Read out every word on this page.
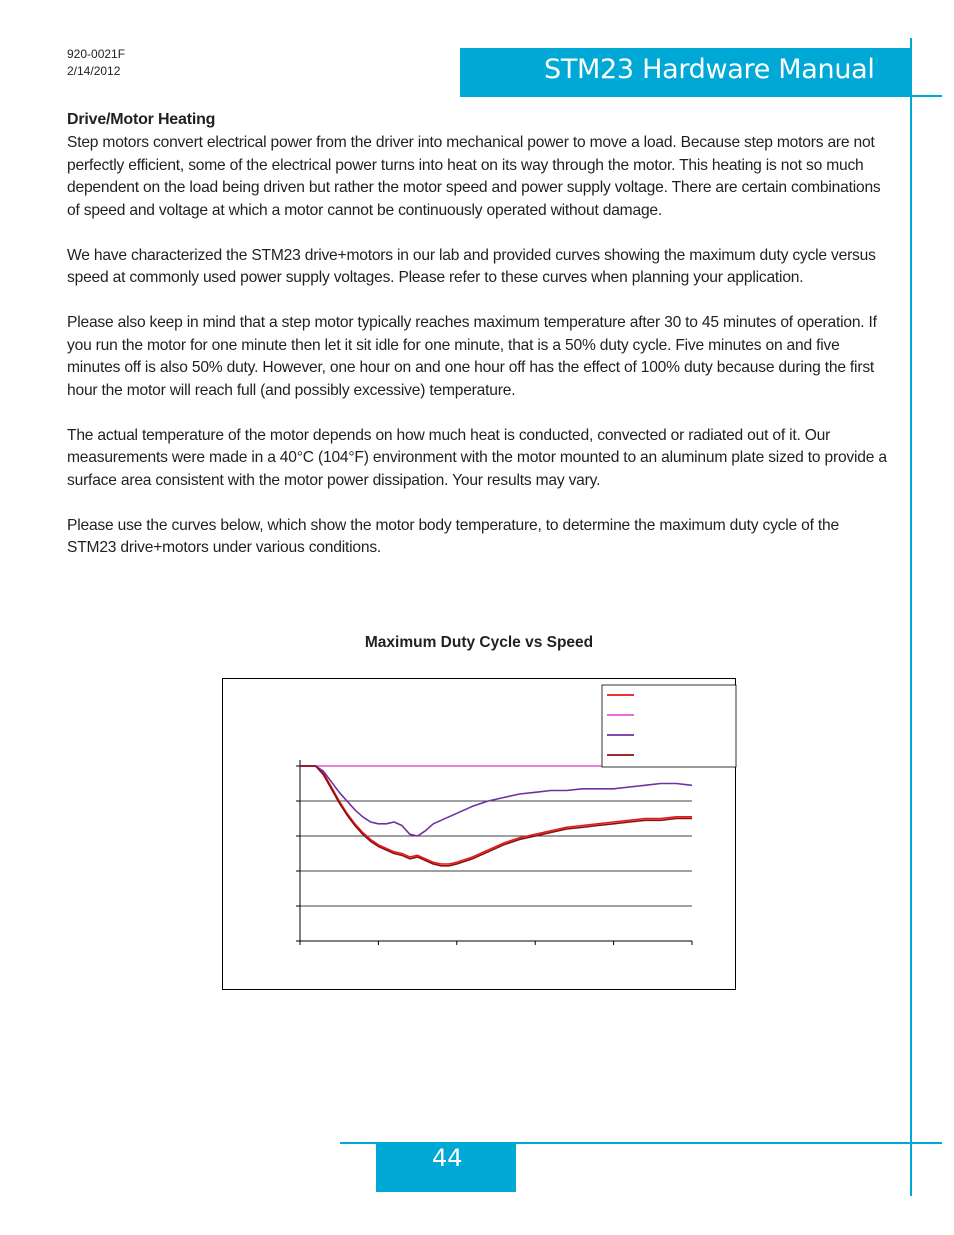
920-0021F
2/14/2012	STM23 Hardware Manual
Drive/Motor Heating

Step motors convert electrical power from the driver into mechanical power to move a load. Because step motors are not perfectly efficient, some of the electrical power turns into heat on its way through the motor. This heating is not so much dependent on the load being driven but rather the motor speed and power supply voltage. There are certain combinations of speed and voltage at which a motor cannot be continuously operated without damage.

We have characterized the STM23 drive+motors in our lab and provided curves showing the maximum duty cycle versus speed at commonly used power supply voltages. Please refer to these curves when planning your application.

Please also keep in mind that a step motor typically reaches maximum temperature after 30 to 45 minutes of operation. If you run the motor for one minute then let it sit idle for one minute, that is a 50% duty cycle. Five minutes on and five minutes off is also 50% duty. However, one hour on and one hour off has the effect of 100% duty because during the first hour the motor will reach full (and possibly excessive) temperature.

The actual temperature of the motor depends on how much heat is conducted, convected or radiated out of it. Our measurements were made in a 40°C (104°F) environment with the motor mounted to an aluminum plate sized to provide a surface area consistent with the motor power dissipation. Your results may vary.

Please use the curves below, which show the motor body temperature, to determine the maximum duty cycle of the STM23 drive+motors under various conditions.

Maximum Duty Cycle vs Speed
44
